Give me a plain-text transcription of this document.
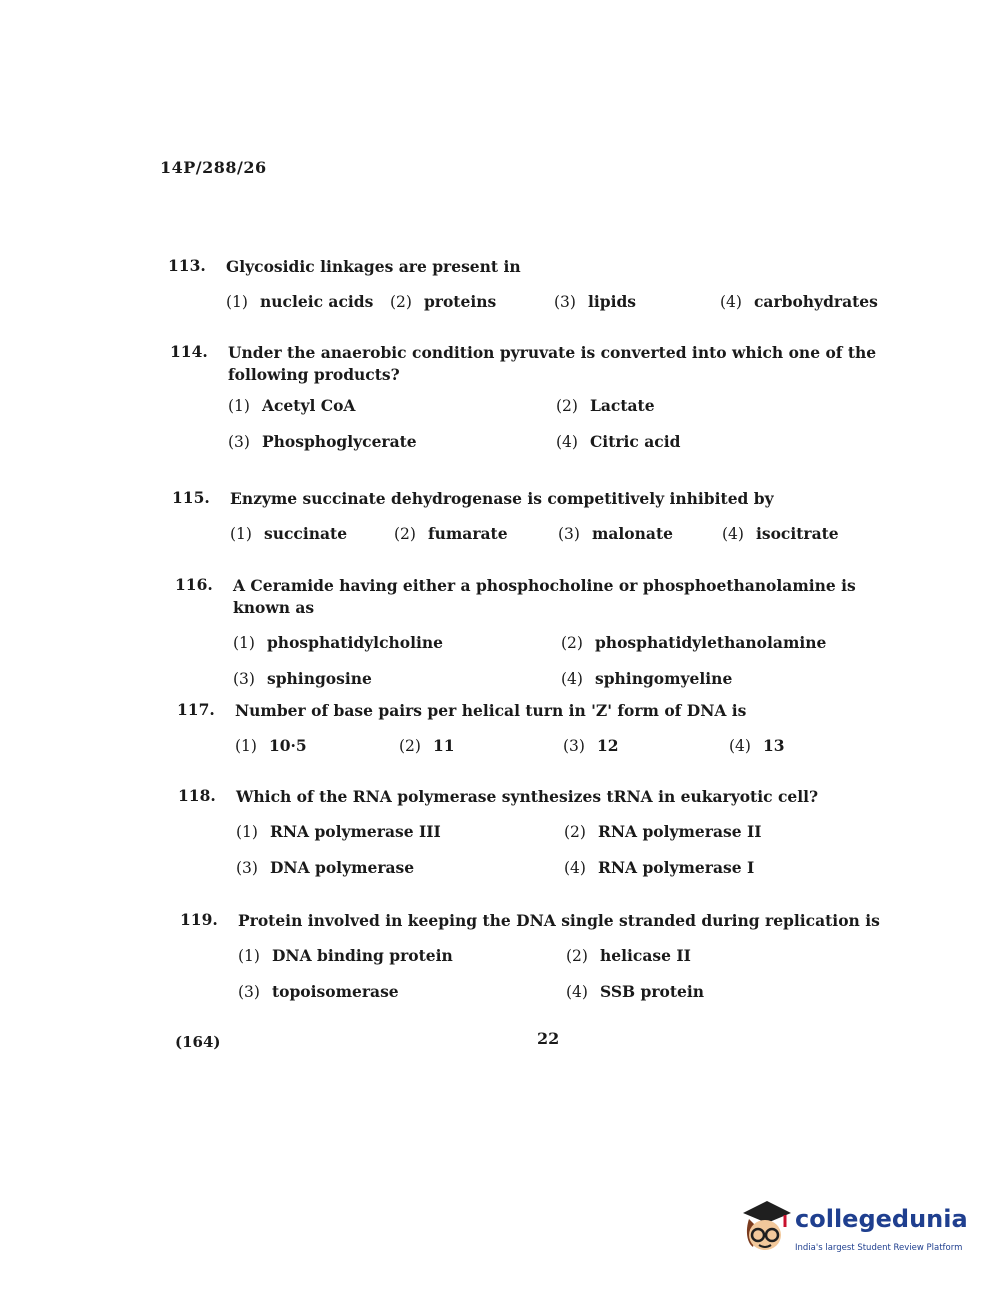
14P/288/26
113.	Glycosidic linkages are present in
(1) nucleic acids (2) proteins	(3) lipids	(4) carbohydrates
114.	Under the anaerobic condition pyruvate is converted into which one of the following products?
(1) Acetyl CoA	(2) Lactate
(3) Phosphoglycerate	(4) Citric acid
115.	Enzyme succinate dehydrogenase is competitively inhibited by
(1) succinate	(2) fumarate	(3) malonate	(4) isocitrate
116.	A Ceramide having either a phosphocholine or phosphoethanolamine is known as
(1) phosphatidylcholine	(2) phosphatidylethanolamine
(3) sphingosine	(4) sphingomyeline
117.	Number of base pairs per helical turn in 'Z' form of DNA is
(1) 10·5	(2) 11	(3) 12	(4) 13
118.	Which of the RNA polymerase synthesizes tRNA in eukaryotic cell?
(1) RNA polymerase III	(2) RNA polymerase II
(3) DNA polymerase	(4) RNA polymerase I
119.	Protein involved in keeping the DNA single stranded during replication is
(1) DNA binding protein	(2) helicase II
(3) topoisomerase	(4) SSB protein
(164)	22
collegedunia
India's largest Student Review Platform
